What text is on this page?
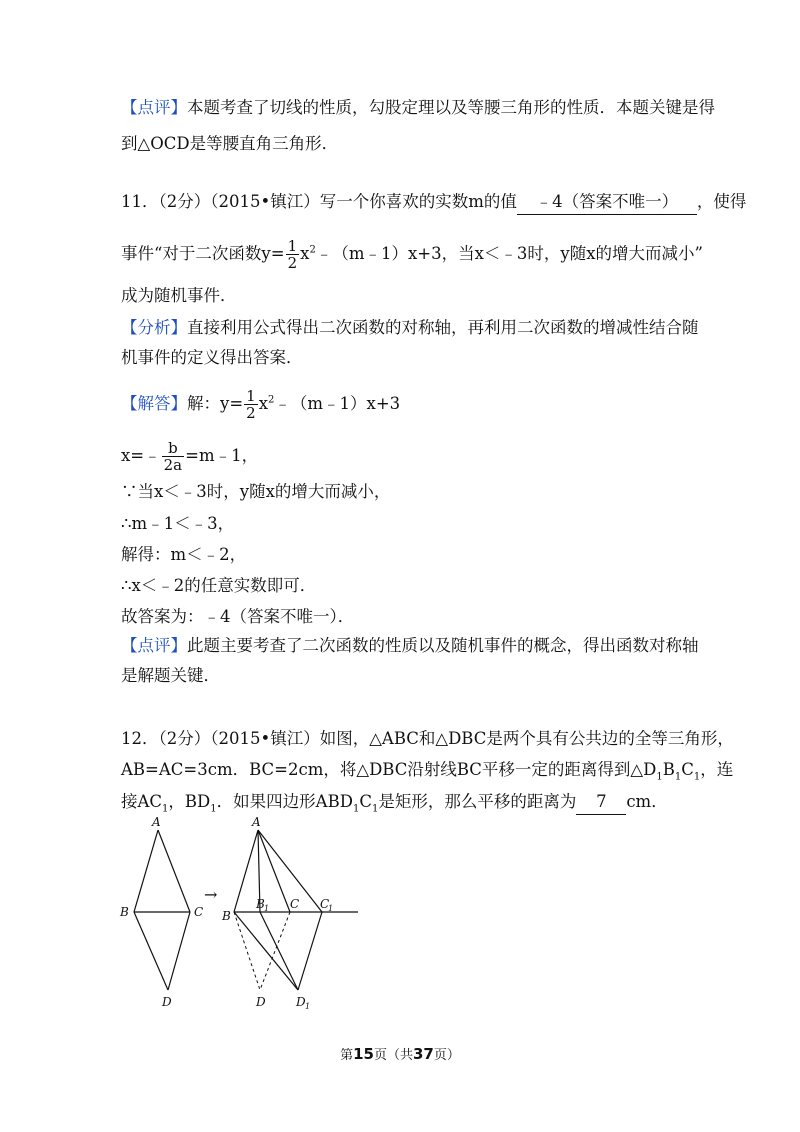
【点评】本题考查了切线的性质，勾股定理以及等腰三角形的性质．本题关键是得
到△OCD是等腰直角三角形．
11．（2分）（2015•镇江）写一个你喜欢的实数m的值 ﹣4（答案不唯一） ，使得
事件“对于二次函数$y= \frac{1}{2}$ $x^2﹣(m﹣1)x+3$，当x＜﹣3时，y随x的增大而减小”
成为随机事件．
【分析】直接利用公式得出二次函数的对称轴，再利用二次函数的增减性结合随
机事件的定义得出答案．
【解答】解：$y= \frac{1}{2}$ $x^2﹣(m﹣1)x+3$
x=﹣ $\frac{b}{2a}$ =m﹣1，
∵当x＜﹣3时，y随x的增大而减小，
∴m﹣1＜﹣3，
解得：m＜﹣2，
∴x＜﹣2的任意实数即可．
故答案为：﹣4（答案不唯一）．
【点评】此题主要考查了二次函数的性质以及随机事件的概念，得出函数对称轴
是解题关键．
12．（2分）（2015•镇江）如图，△ABC和△DBC是两个具有公共边的全等三角形，
AB=AC=3cm．BC=2cm，将△DBC沿射线BC平移一定的距离得到$\triangle D_1B_1C_1$，连
接$AC_1$，$BD_1$．如果四边形$ABD_1C_1$是矩形，那么平移的距离为 7 cm．
A
B	C
D
→
A
B
B 1 C C
1
D	D 1
第15页（共37页）
